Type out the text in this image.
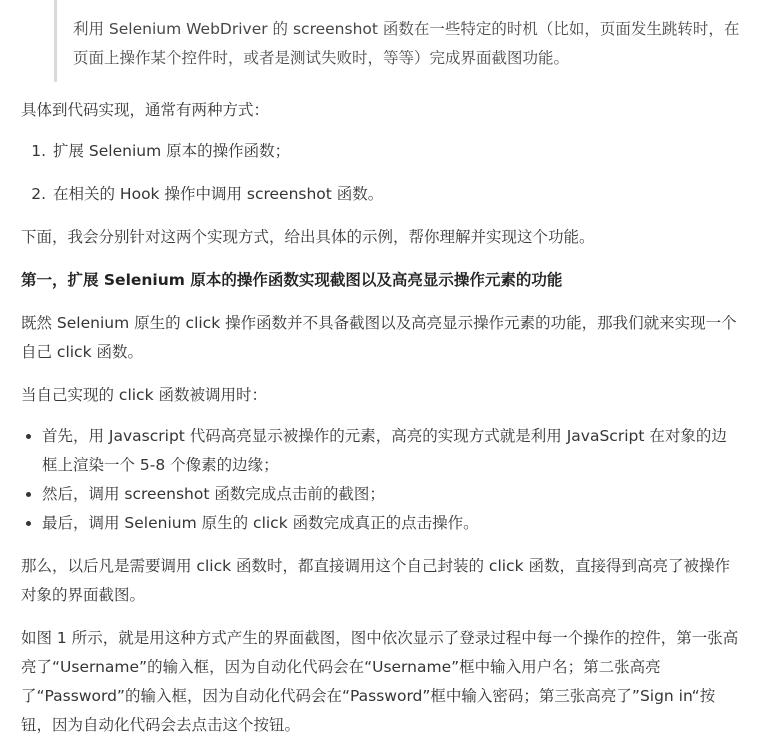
利用 Selenium WebDriver 的 screenshot 函数在一些特定的时机（比如，页面发生跳转时，在页面上操作某个控件时，或者是测试失败时，等等）完成界面截图功能。

具体到代码实现，通常有两种方式：

1. 扩展 Selenium 原本的操作函数；
2. 在相关的 Hook 操作中调用 screenshot 函数。

下面，我会分别针对这两个实现方式，给出具体的示例，帮你理解并实现这个功能。

第一，扩展 Selenium 原本的操作函数实现截图以及高亮显示操作元素的功能

既然 Selenium 原生的 click 操作函数并不具备截图以及高亮显示操作元素的功能，那我们就来实现一个自己 click 函数。

当自己实现的 click 函数被调用时：

• 首先，用 Javascript 代码高亮显示被操作的元素，高亮的实现方式就是利用 JavaScript 在对象的边框上渲染一个 5-8 个像素的边缘；
• 然后，调用 screenshot 函数完成点击前的截图；
• 最后，调用 Selenium 原生的 click 函数完成真正的点击操作。

那么，以后凡是需要调用 click 函数时，都直接调用这个自己封装的 click 函数，直接得到高亮了被操作对象的界面截图。

如图 1 所示，就是用这种方式产生的界面截图，图中依次显示了登录过程中每一个操作的控件，第一张高亮了“Username”的输入框，因为自动化代码会在“Username”框中输入用户名；第二张高亮了“Password”的输入框，因为自动化代码会在“Password”框中输入密码；第三张高亮了”Sign in“按钮，因为自动化代码会去点击这个按钮。
